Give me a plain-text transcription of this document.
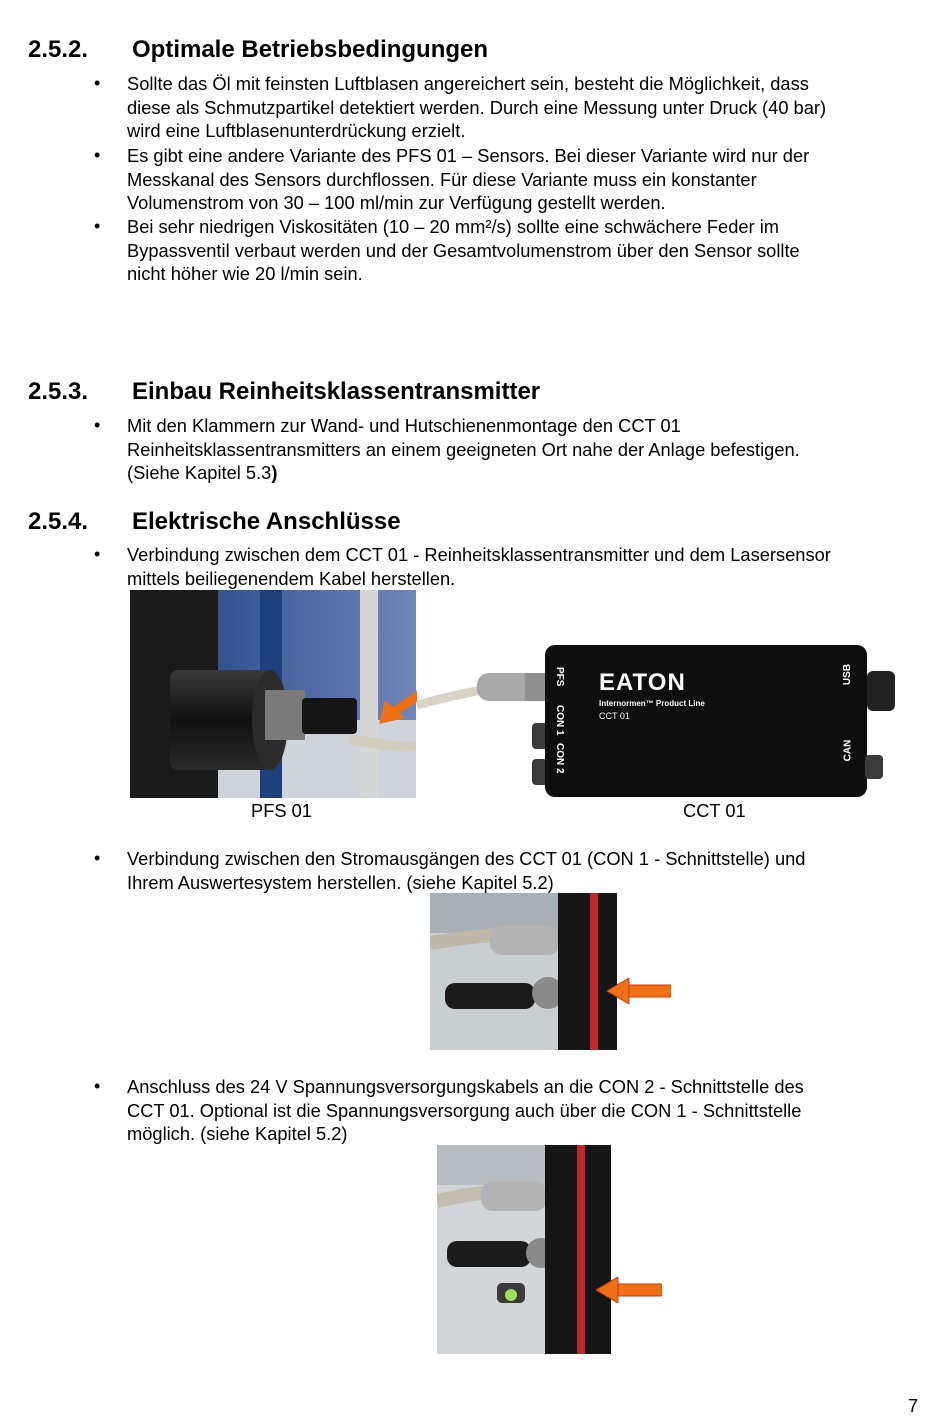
2.5.2. Optimale Betriebsbedingungen
•	Sollte das Öl mit feinsten Luftblasen angereichert sein, besteht die Möglichkeit, dass
diese als Schmutzpartikel detektiert werden. Durch eine Messung unter Druck (40 bar)
wird eine Luftblasenunterdrückung erzielt.
•	Es gibt eine andere Variante des PFS 01 – Sensors. Bei dieser Variante wird nur der
Messkanal des Sensors durchflossen. Für diese Variante muss ein konstanter
Volumenstrom von 30 – 100 ml/min zur Verfügung gestellt werden.
•	Bei sehr niedrigen Viskositäten (10 – 20 mm²/s) sollte eine schwächere Feder im
Bypassventil verbaut werden und der Gesamtvolumenstrom über den Sensor sollte
nicht höher wie 20 l/min sein.
2.5.3. Einbau Reinheitsklassentransmitter
•	Mit den Klammern zur Wand- und Hutschienenmontage den CCT 01
Reinheitsklassentransmitters an einem geeigneten Ort nahe der Anlage befestigen.
(Siehe Kapitel 5.3)
2.5.4. Elektrische Anschlüsse
•	Verbindung zwischen dem CCT 01 - Reinheitsklassentransmitter und dem Lasersensor
mittels beiliegenendem Kabel herstellen.
PFS
CON 1
CON 2
EATON
Internormen™ Product Line
CCT 01
USB
CAN
PFS 01	CCT 01
•	Verbindung zwischen den Stromausgängen des CCT 01 (CON 1 - Schnittstelle) und
Ihrem Auswertesystem herstellen. (siehe Kapitel 5.2)
•	Anschluss des 24 V Spannungsversorgungskabels an die CON 2 - Schnittstelle des
CCT 01. Optional ist die Spannungsversorgung auch über die CON 1 - Schnittstelle
möglich. (siehe Kapitel 5.2)
7
